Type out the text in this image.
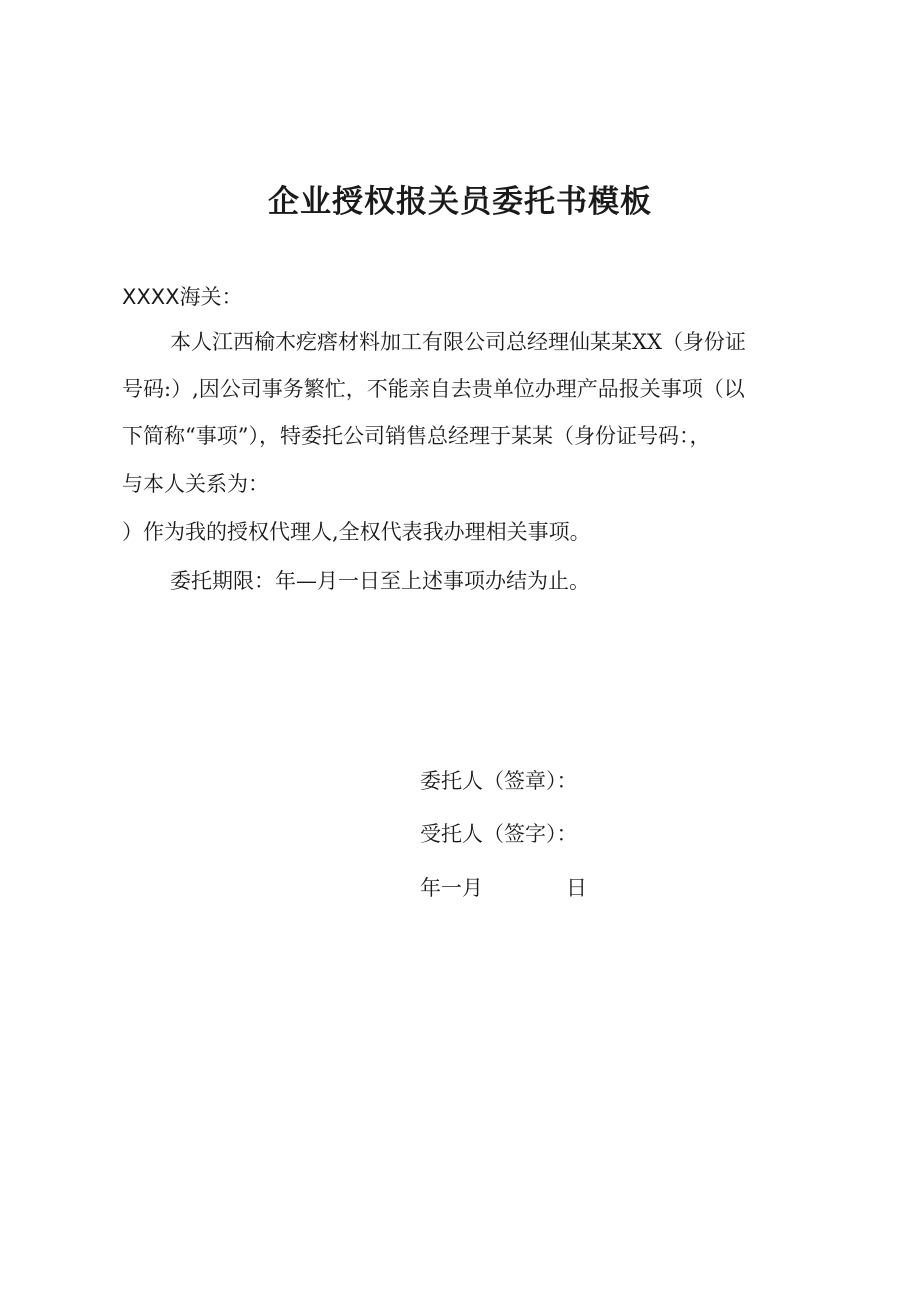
企业授权报关员委托书模板
XXXX海关：
本人江西榆木疙瘩材料加工有限公司总经理仙某某XX（身份证
号码:）,因公司事务繁忙，不能亲自去贵单位办理产品报关事项（以
下简称“事项”），特委托公司销售总经理于某某（身份证号码：，
与本人关系为：
）作为我的授权代理人,全权代表我办理相关事项。
委托期限：年—月一日至上述事项办结为止。
委托人（签章）：
受托人（签字）：
年一月	日
